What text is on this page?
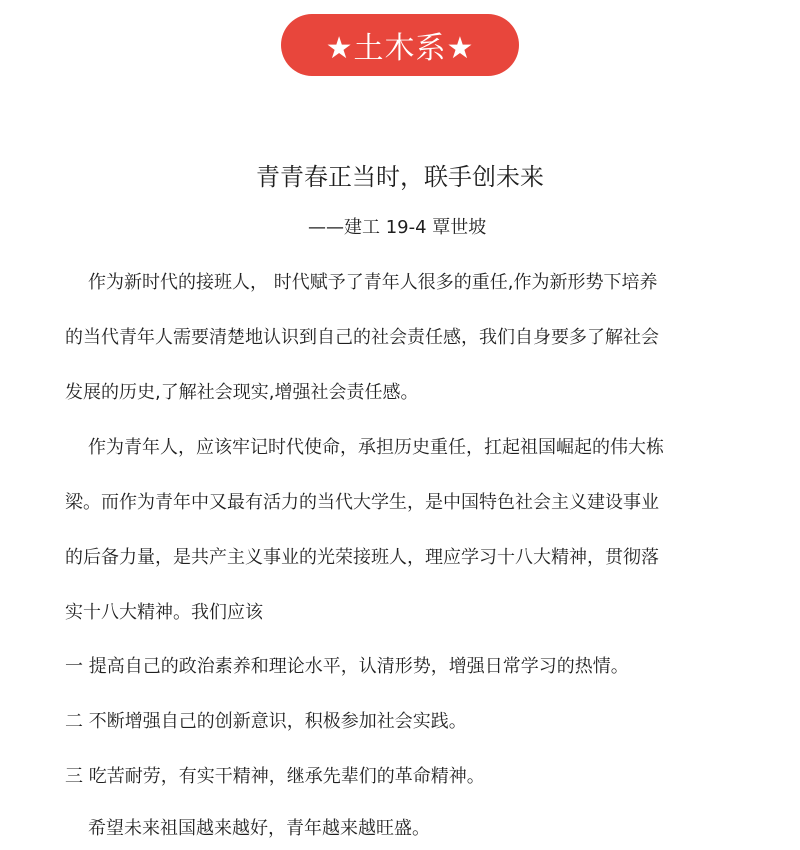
★土木系★
青青春正当时，联手创未来
——建工 19-4 覃世坡
作为新时代的接班人， 时代赋予了青年人很多的重任,作为新形势下培养
的当代青年人需要清楚地认识到自己的社会责任感，我们自身要多了解社会
发展的历史,了解社会现实,增强社会责任感。
作为青年人，应该牢记时代使命，承担历史重任，扛起祖国崛起的伟大栋
梁。而作为青年中又最有活力的当代大学生，是中国特色社会主义建设事业
的后备力量，是共产主义事业的光荣接班人，理应学习十八大精神，贯彻落
实十八大精神。我们应该
一 提高自己的政治素养和理论水平，认清形势，增强日常学习的热情。
二 不断增强自己的创新意识，积极参加社会实践。
三 吃苦耐劳，有实干精神，继承先辈们的革命精神。
希望未来祖国越来越好，青年越来越旺盛。
